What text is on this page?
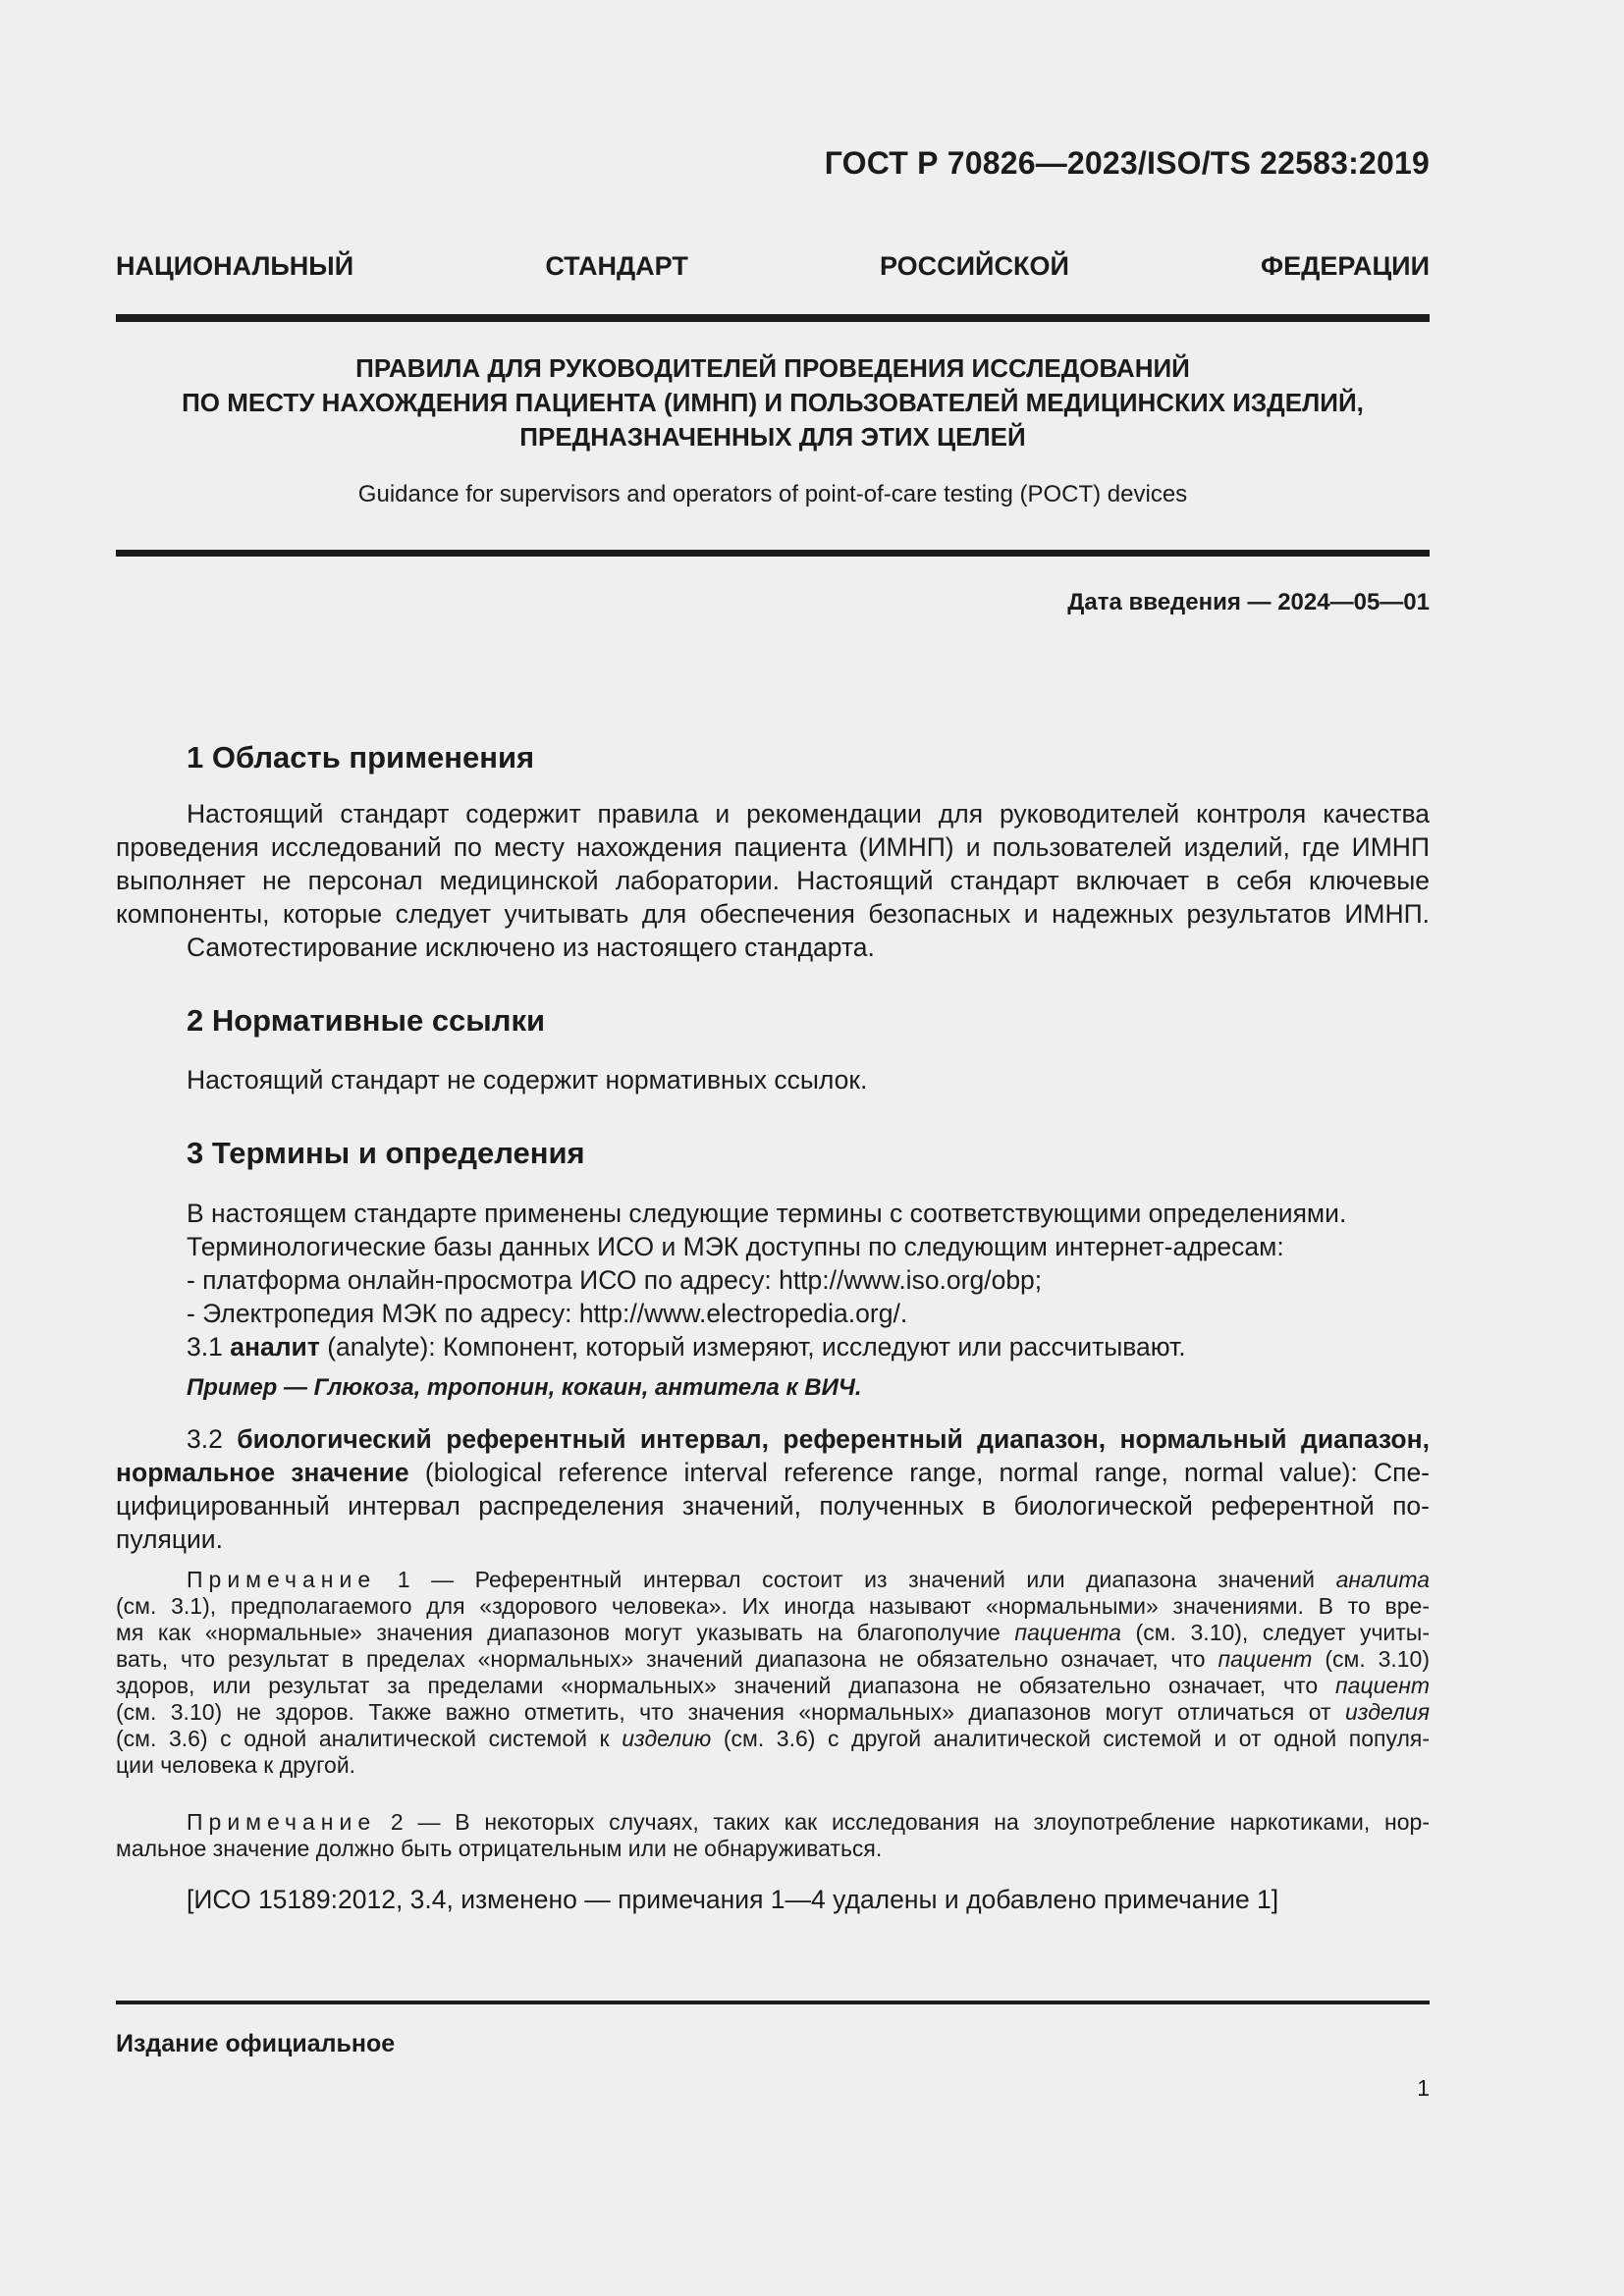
ГОСТ Р 70826—2023/ISO/TS 22583:2019
НАЦИОНАЛЬНЫЙ	СТАНДАРТ	РОССИЙСКОЙ	ФЕДЕРАЦИИ
ПРАВИЛА ДЛЯ РУКОВОДИТЕЛЕЙ ПРОВЕДЕНИЯ ИССЛЕДОВАНИЙ
ПО МЕСТУ НАХОЖДЕНИЯ ПАЦИЕНТА (ИМНП) И ПОЛЬЗОВАТЕЛЕЙ МЕДИЦИНСКИХ ИЗДЕЛИЙ,
ПРЕДНАЗНАЧЕННЫХ ДЛЯ ЭТИХ ЦЕЛЕЙ
Guidance for supervisors and operators of point-of-care testing (POCT) devices
Дата введения — 2024—05—01
1 Область применения
Настоящий стандарт содержит правила и рекомендации для руководителей контроля качества
проведения исследований по месту нахождения пациента (ИМНП) и пользователей изделий, где ИМНП
выполняет не персонал медицинской лаборатории. Настоящий стандарт включает в себя ключевые
компоненты, которые следует учитывать для обеспечения безопасных и надежных результатов ИМНП.
Самотестирование исключено из настоящего стандарта.
2 Нормативные ссылки
Настоящий стандарт не содержит нормативных ссылок.
3 Термины и определения
В настоящем стандарте применены следующие термины с соответствующими определениями.
Терминологические базы данных ИСО и МЭК доступны по следующим интернет-адресам:
- платформа онлайн-просмотра ИСО по адресу: http://www.iso.org/obp;
- Электропедия МЭК по адресу: http://www.electropedia.org/.
3.1 аналит (analyte): Компонент, который измеряют, исследуют или рассчитывают.
Пример — Глюкоза, тропонин, кокаин, антитела к ВИЧ.
3.2 биологический референтный интервал, референтный диапазон, нормальный диапазон,
нормальное значение (biological reference interval reference range, normal range, normal value): Спе-
цифицированный интервал распределения значений, полученных в биологической референтной по-
пуляции.
Примечание 1 — Референтный интервал состоит из значений или диапазона значений аналита
(см. 3.1), предполагаемого для «здорового человека». Их иногда называют «нормальными» значениями. В то вре-
мя как «нормальные» значения диапазонов могут указывать на благополучие пациента (см. 3.10), следует учиты-
вать, что результат в пределах «нормальных» значений диапазона не обязательно означает, что пациент (см. 3.10)
здоров, или результат за пределами «нормальных» значений диапазона не обязательно означает, что пациент
(см. 3.10) не здоров. Также важно отметить, что значения «нормальных» диапазонов могут отличаться от изделия
(см. 3.6) с одной аналитической системой к изделию (см. 3.6) с другой аналитической системой и от одной популя-
ции человека к другой.
Примечание 2 — В некоторых случаях, таких как исследования на злоупотребление наркотиками, нор-
мальное значение должно быть отрицательным или не обнаруживаться.
[ИСО 15189:2012, 3.4, изменено — примечания 1—4 удалены и добавлено примечание 1]
Издание официальное
1
